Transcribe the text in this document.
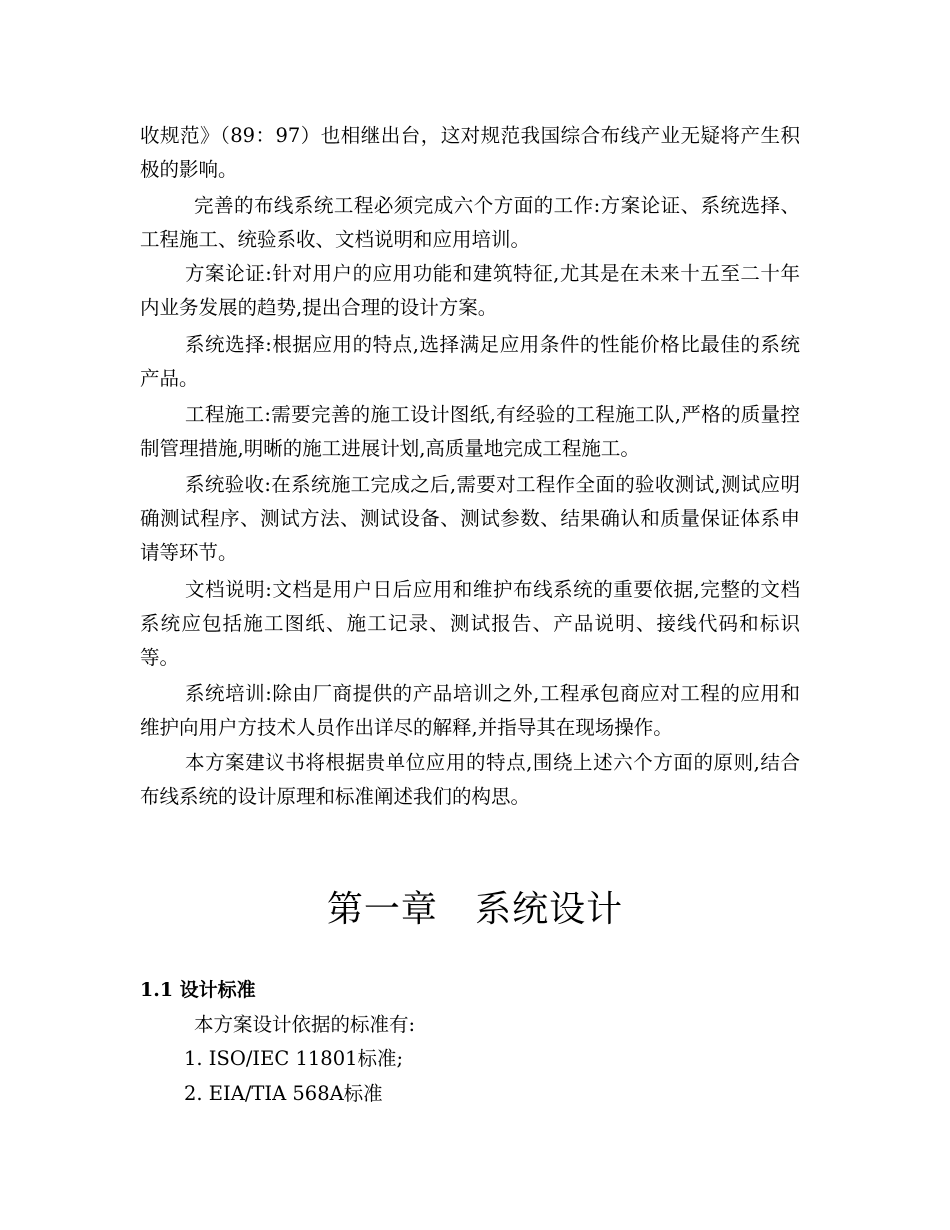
收规范》（89：97）也相继出台，这对规范我国综合布线产业无疑将产生积极的影响。

完善的布线系统工程必须完成六个方面的工作:方案论证、系统选择、工程施工、统验系收、文档说明和应用培训。

方案论证:针对用户的应用功能和建筑特征,尤其是在未来十五至二十年内业务发展的趋势,提出合理的设计方案。

系统选择:根据应用的特点,选择满足应用条件的性能价格比最佳的系统产品。

工程施工:需要完善的施工设计图纸,有经验的工程施工队,严格的质量控制管理措施,明晰的施工进展计划,高质量地完成工程施工。

系统验收:在系统施工完成之后,需要对工程作全面的验收测试,测试应明确测试程序、测试方法、测试设备、测试参数、结果确认和质量保证体系申请等环节。

文档说明:文档是用户日后应用和维护布线系统的重要依据,完整的文档系统应包括施工图纸、施工记录、测试报告、产品说明、接线代码和标识等。

系统培训:除由厂商提供的产品培训之外,工程承包商应对工程的应用和维护向用户方技术人员作出详尽的解释,并指导其在现场操作。

本方案建议书将根据贵单位应用的特点,围绕上述六个方面的原则,结合布线系统的设计原理和标准阐述我们的构思。

第一章   系统设计
1.1 设计标准

本方案设计依据的标准有:

1. ISO/IEC 11801标准;

2. EIA/TIA 568A标准
